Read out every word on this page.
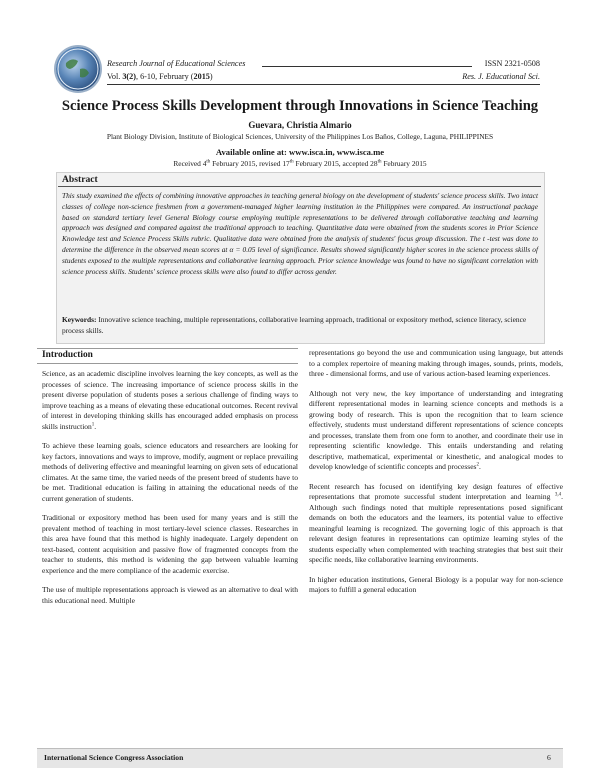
Research Journal of Educational Sciences	ISSN 2321-0508
Vol. 3(2), 6-10, February (2015)	Res. J. Educational Sci.
Science Process Skills Development through Innovations in Science Teaching
Guevara, Christia Almario
Plant Biology Division, Institute of Biological Sciences, University of the Philippines Los Baños, College, Laguna, PHILIPPINES
Available online at: www.isca.in, www.isca.me
Received 4th February 2015, revised 17th February 2015, accepted 28th February 2015
Abstract
This study examined the effects of combining innovative approaches in teaching general biology on the development of students' science process skills. Two intact classes of college non-science freshmen from a government-managed higher learning institution in the Philippines were compared. An instructional package based on standard tertiary level General Biology course employing multiple representations to be delivered through collaborative teaching and learning approach was designed and compared against the traditional approach to teaching. Quantitative data were obtained from the students scores in Prior Science Knowledge test and Science Process Skills rubric. Qualitative data were obtained from the analysis of students' focus group discussion. The t -test was done to determine the difference in the observed mean scores at α = 0.05 level of significance. Results showed significantly higher scores in the science process skills of students exposed to the multiple representations and collaborative learning approach. Prior science knowledge was found to have no significant correlation with science process skills. Students' science process skills were also found to differ across gender.
Keywords: Innovative science teaching, multiple representations, collaborative learning approach, traditional or expository method, science literacy, science process skills.
Introduction

Science, as an academic discipline involves learning the key concepts, as well as the processes of science. The increasing importance of science process skills in the present diverse population of students poses a serious challenge of finding ways to improve teaching as a means of elevating these educational outcomes. Recent revival of interest in developing thinking skills has encouraged added emphasis on process skills instruction$^1$.

To achieve these learning goals, science educators and researchers are looking for key factors, innovations and ways to improve, modify, augment or replace prevailing methods of delivering effective and meaningful learning on given sets of educational climates. At the same time, the varied needs of the present breed of students have to be met. Traditional education is failing in attaining the educational needs of the current generation of students.

Traditional or expository method has been used for many years and is still the prevalent method of teaching in most tertiary-level science classes. Researches in this area have found that this method is highly inadequate. Largely dependent on text-based, content acquisition and passive flow of fragmented concepts from the teacher to students, this method is widening the gap between valuable learning experience and the mere compliance of the academic exercise.

The use of multiple representations approach is viewed as an alternative to deal with this educational need. Multiple

representations go beyond the use and communication using language, but attends to a complex repertoire of meaning making through images, sounds, prints, models, three - dimensional forms, and use of various action-based learning experiences.

Although not very new, the key importance of understanding and integrating different representational modes in learning science concepts and methods is a growing body of research. This is upon the recognition that to learn science effectively, students must understand different representations of science concepts and processes, translate them from one form to another, and coordinate their use in representing scientific knowledge. This entails understanding and relating descriptive, mathematical, experimental or kinesthetic, and analogical modes to develop knowledge of scientific concepts and processes$^2$.

Recent research has focused on identifying key design features of effective representations that promote successful student interpretation and learning $^{3,4}$. Although such findings noted that multiple representations posed significant demands on both the educators and the learners, its potential value to effective meaningful learning is recognized. The governing logic of this approach is that relevant design features in representations can optimize learning styles of the students especially when complemented with teaching strategies that best suit their specific needs, like collaborative learning environments.

In higher education institutions, General Biology is a popular way for non-science majors to fulfill a general education

International Science Congress Association	6
